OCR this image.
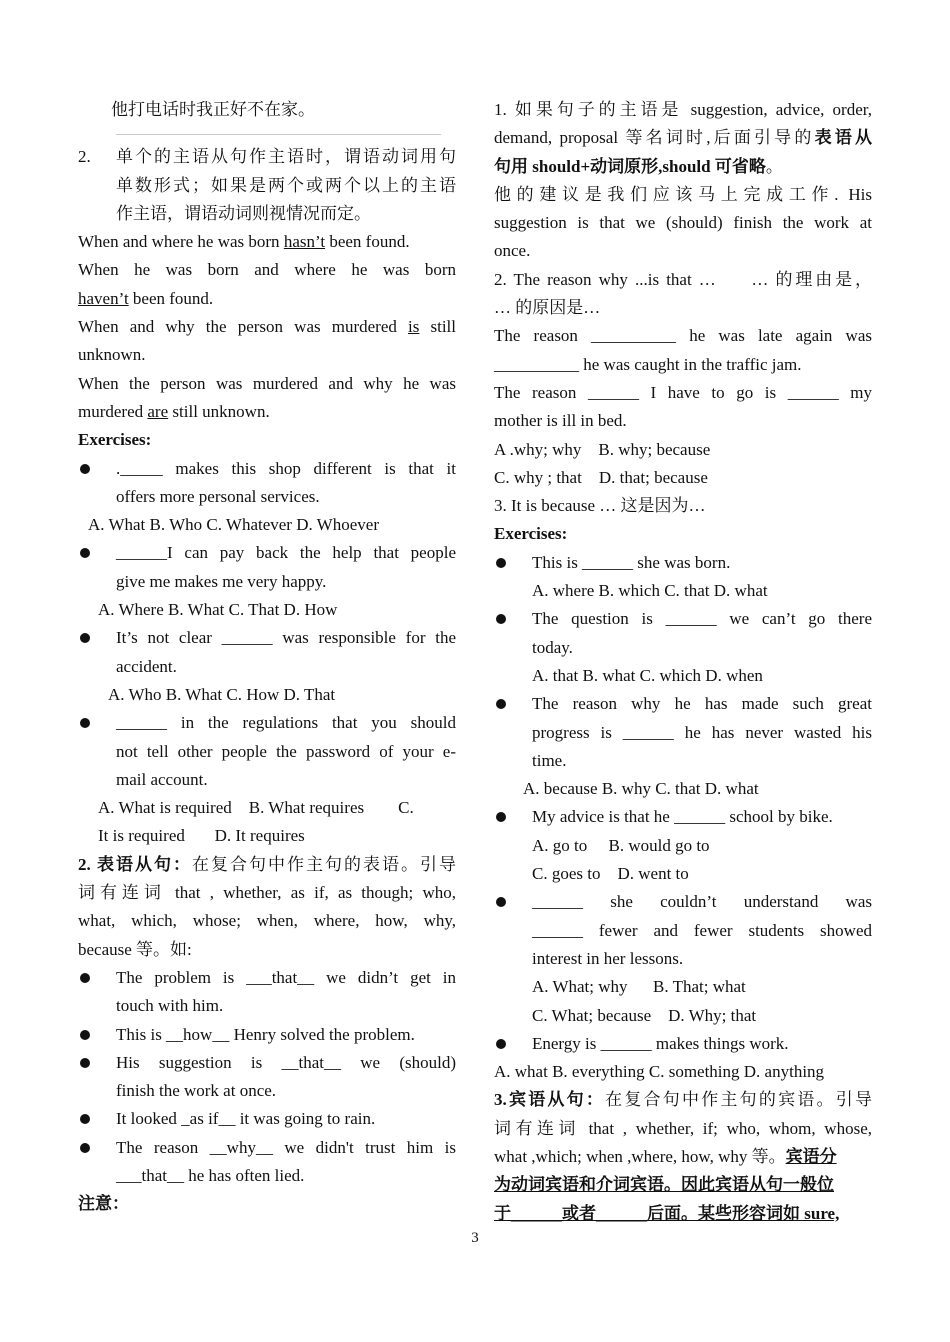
他打电话时我正好不在家。
2. 单个的主语从句作主语时，谓语动词用句
单数形式；如果是两个或两个以上的主语
作主语，谓语动词则视情况而定。
When and where he was born hasn’t been found.
When he was born and where he was born
haven’t been found.
When and why the person was murdered is still
unknown.
When the person was murdered and why he was
murdered are still unknown.
Exercises:
._____ makes this shop different is that it
offers more personal services.
A. What B. Who C. Whatever D. Whoever
______I can pay back the help that people
give me makes me very happy.
A. Where B. What C. That D. How
It’s not clear ______ was responsible for the
accident.
A. Who B. What C. How D. That
______ in the regulations that you should
not tell other people the password of your e-
mail account.
A. What is required    B. What requires        C.
It is required       D. It requires
2. 表语从句：在复合句中作主句的表语。引导
词有连词 that , whether, as if, as though; who,
what, which, whose; when, where, how, why,
because 等。如:
The problem is ___that__ we didn’t get in
touch with him.
This is __how__ Henry solved the problem.
His suggestion is __that__ we (should)
finish the work at once.
It looked _as if__ it was going to rain.
The reason __why__ we didn't trust him is
___that__ he has often lied.
注意：
1. 如果句子的主语是 suggestion, advice, order,
demand, proposal 等名词时,后面引导的表语从
句用 should+动词原形,should 可省略。
他的建议是我们应该马上完成工作. His
suggestion is that we (should) finish the work at
once.
2. The reason why ...is that …     … 的理由是，
… 的原因是…
The reason __________ he was late again was
__________ he was caught in the traffic jam.
The reason ______ I have to go is ______ my
mother is ill in bed.
A .why; why    B. why; because
C. why ; that    D. that; because
3. It is because … 这是因为…
Exercises:
This is ______ she was born.
A. where B. which C. that D. what
The question is ______ we can’t go there
today.
A. that B. what C. which D. when
The reason why he has made such great
progress is ______ he has never wasted his
time.
A. because B. why C. that D. what
My advice is that he ______ school by bike.
A. go to     B. would go to
C. goes to    D. went to
______ she couldn’t understand was
______ fewer and fewer students showed
interest in her lessons.
A. What; why      B. That; what
C. What; because    D. Why; that
Energy is ______ makes things work.
A. what B. everything C. something D. anything
3.宾语从句：在复合句中作主句的宾语。引导
词有连词 that , whether, if; who, whom, whose,
what ,which; when ,where, how, why 等。宾语分
为动词宾语和介词宾语。因此宾语从句一般位
于______或者______后面。某些形容词如 sure,
3
